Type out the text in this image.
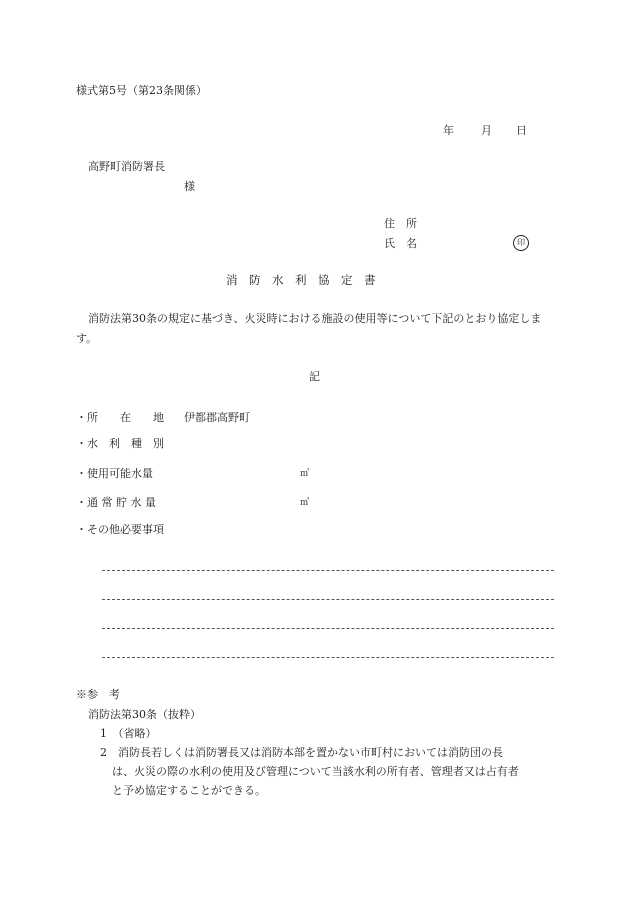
様式第5号（第23条関係）
年 月 日
高野町消防署長
様
住　所
氏　名	印
消　防　水　利　協　定　書
消防法第30条の規定に基づき、火災時における施設の使用等について下記のとおり協定します。
記
・所　　在　　地 伊都郡高野町
・水　利　種　別
・使用可能水量	㎥
・通 常 貯 水 量	㎥
・その他必要事項
※参　考
消防法第30条（抜粋）
1　（省略）
2　消防長若しくは消防署長又は消防本部を置かない市町村においては消防団の長
は、火災の際の水利の使用及び管理について当該水利の所有者、管理者又は占有者
と予め協定することができる。
